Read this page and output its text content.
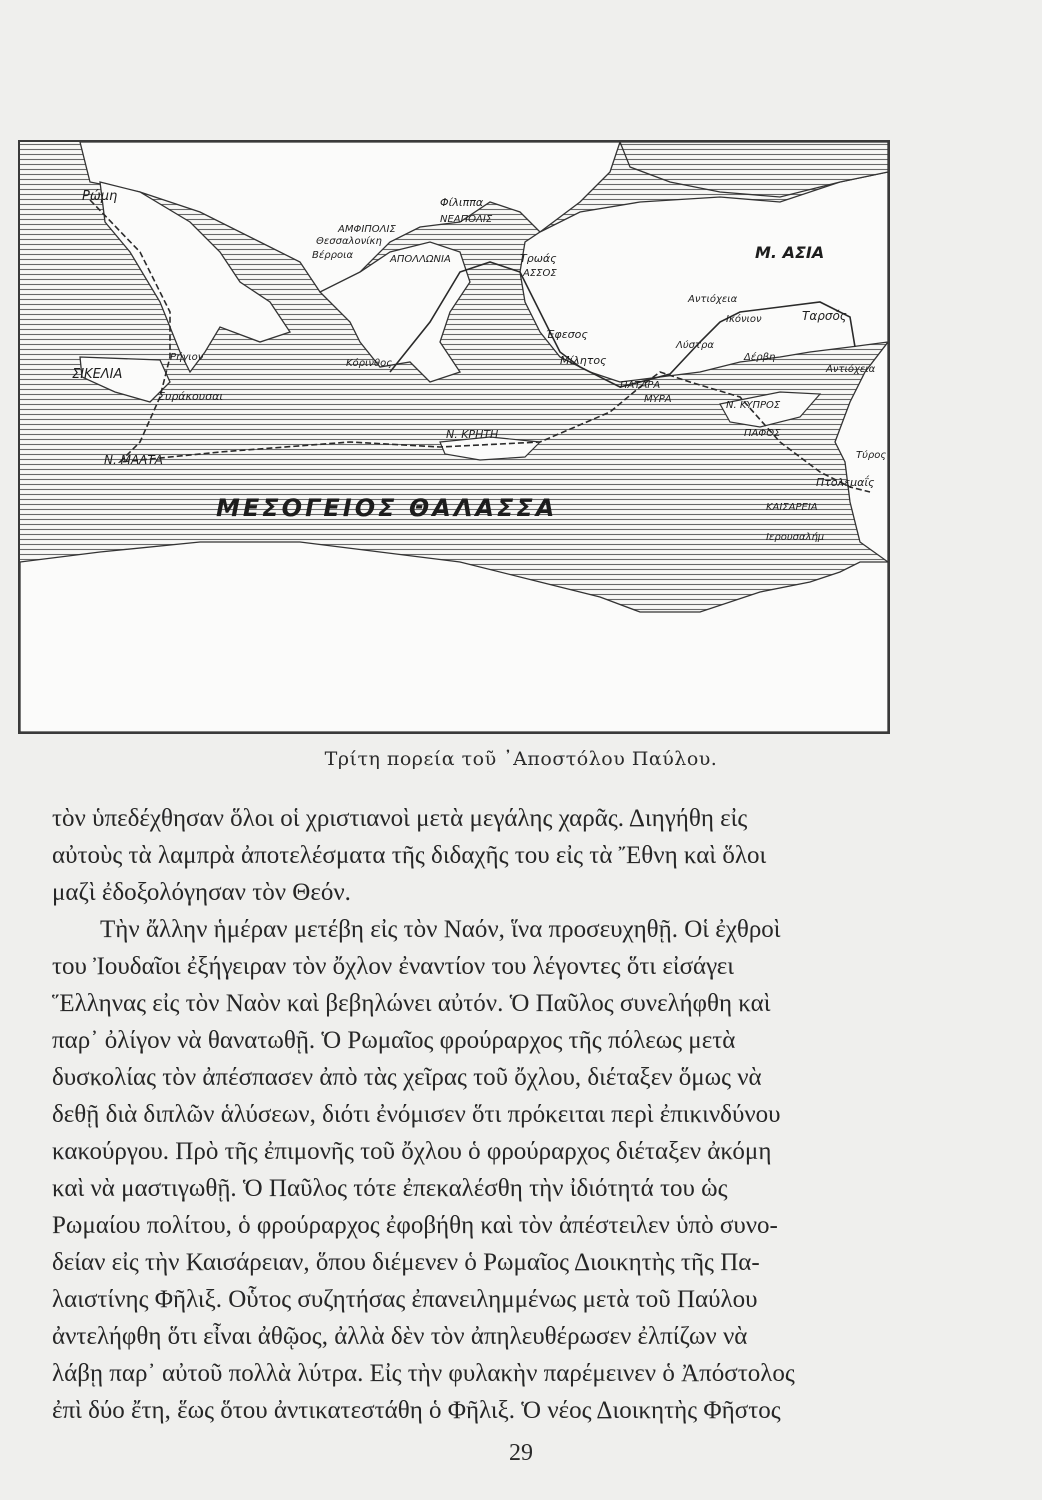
Ρώμη	Φίλιππα
ΑΜΦΙΠΟΛΙΣ
ΝΕΑΠΟΛΙΣ
Θεσσαλονίκη
Βέρροια	ΑΠΟΛΛΩΝΙΑ	Τρωάς
ΑΣΣΟΣ
Μ. ΑΣΙΑ
Αντιόχεια
Ικόνιον	Ταρσός
Λύστρα
Δέρβη
Έφεσος
Μίλητος
ΠΑΤΑΡΑ
ΜΥΡΑ
Ν. ΚΥΠΡΟΣ
ΠΑΦΟΣ
Τύρος
Πτολεμαΐς
ΚΑΙΣΑΡΕΙΑ
Ιερουσαλήμ
Αντιόχεια
Κόρινθος
Ρήγιον
ΣΙΚΕΛΙΑ
Συράκουσαι
Ν. ΜΑΛΤΑ
Ν. ΚΡΗΤΗ
ΜΕΣΟΓΕΙΟΣ ΘΑΛΑΣΣΑ
Τρίτη πορεία τοῦ ᾿Αποστόλου Παύλου.
τὸν ὑπεδέχθησαν ὅλοι οἱ χριστιανοὶ μετὰ μεγάλης χαρᾶς. Διηγήθη εἰς
αὐτοὺς τὰ λαμπρὰ ἀποτελέσματα τῆς διδαχῆς του εἰς τὰ Ἔθνη καὶ ὅλοι
μαζὶ ἐδοξολόγησαν τὸν Θεόν.
Τὴν ἄλλην ἡμέραν μετέβη εἰς τὸν Ναόν, ἵνα προσευχηθῇ. Οἱ ἐχθροὶ
του Ἰουδαῖοι ἐξήγειραν τὸν ὄχλον ἐναντίον του λέγοντες ὅτι εἰσάγει
Ἕλληνας εἰς τὸν Ναὸν καὶ βεβηλώνει αὐτόν. Ὁ Παῦλος συνελήφθη καὶ
παρ᾿ ὀλίγον νὰ θανατωθῇ. Ὁ Ρωμαῖος φρούραρχος τῆς πόλεως μετὰ
δυσκολίας τὸν ἀπέσπασεν ἀπὸ τὰς χεῖρας τοῦ ὄχλου, διέταξεν ὅμως νὰ
δεθῇ διὰ διπλῶν ἁλύσεων, διότι ἐνόμισεν ὅτι πρόκειται περὶ ἐπικινδύνου
κακούργου. Πρὸ τῆς ἐπιμονῆς τοῦ ὄχλου ὁ φρούραρχος διέταξεν ἀκόμη
καὶ νὰ μαστιγωθῇ. Ὁ Παῦλος τότε ἐπεκαλέσθη τὴν ἰδιότητά του ὡς
Ρωμαίου πολίτου, ὁ φρούραρχος ἐφοβήθη καὶ τὸν ἀπέστειλεν ὑπὸ συνο-
δείαν εἰς τὴν Καισάρειαν, ὅπου διέμενεν ὁ Ρωμαῖος Διοικητὴς τῆς Πα-
λαιστίνης Φῆλιξ. Οὗτος συζητήσας ἐπανειλημμένως μετὰ τοῦ Παύλου
ἀντελήφθη ὅτι εἶναι ἀθῷος, ἀλλὰ δὲν τὸν ἀπηλευθέρωσεν ἐλπίζων νὰ
λάβῃ παρ᾿ αὐτοῦ πολλὰ λύτρα. Εἰς τὴν φυλακὴν παρέμεινεν ὁ Ἀπόστολος
ἐπὶ δύο ἔτη, ἕως ὅτου ἀντικατεστάθη ὁ Φῆλιξ. Ὁ νέος Διοικητὴς Φῆστος
29
